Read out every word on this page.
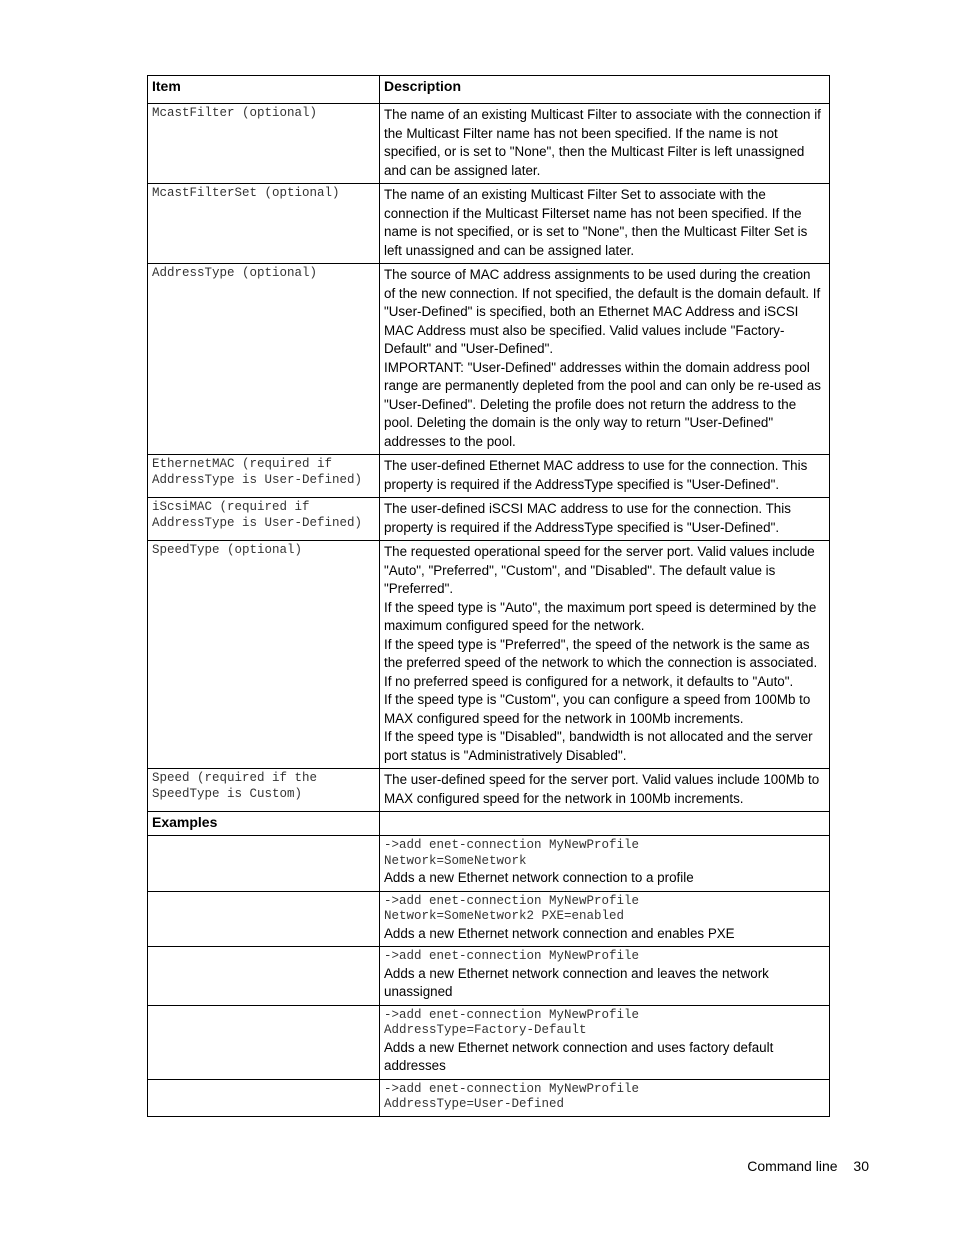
Item	Description
McastFilter (optional)	The name of an existing Multicast Filter to associate with the connection if the Multicast Filter name has not been specified. If the name is not specified, or is set to "None", then the Multicast Filter is left unassigned and can be assigned later.

McastFilterSet (optional)	The name of an existing Multicast Filter Set to associate with the connection if the Multicast Filterset name has not been specified. If the name is not specified, or is set to "None", then the Multicast Filter Set is left unassigned and can be assigned later.

AddressType (optional)	The source of MAC address assignments to be used during the creation of the new connection. If not specified, the default is the domain default. If "User-Defined" is specified, both an Ethernet MAC Address and iSCSI MAC Address must also be specified. Valid values include "Factory-Default" and "User-Defined".
IMPORTANT: "User-Defined" addresses within the domain address pool range are permanently depleted from the pool and can only be re-used as "User-Defined". Deleting the profile does not return the address to the pool. Deleting the domain is the only way to return "User-Defined" addresses to the pool.

EthernetMAC (required if AddressType is User-Defined)	The user-defined Ethernet MAC address to use for the connection. This property is required if the AddressType specified is "User-Defined".

iScsiMAC (required if AddressType is User-Defined)	The user-defined iSCSI MAC address to use for the connection. This property is required if the AddressType specified is "User-Defined".

SpeedType (optional)	The requested operational speed for the server port. Valid values include "Auto", "Preferred", "Custom", and "Disabled". The default value is "Preferred".
If the speed type is "Auto", the maximum port speed is determined by the maximum configured speed for the network.
If the speed type is "Preferred", the speed of the network is the same as the preferred speed of the network to which the connection is associated. If no preferred speed is configured for a network, it defaults to "Auto".
If the speed type is "Custom", you can configure a speed from 100Mb to MAX configured speed for the network in 100Mb increments.
If the speed type is "Disabled", bandwidth is not allocated and the server port status is "Administratively Disabled".

Speed (required if the SpeedType is Custom)	The user-defined speed for the server port. Valid values include 100Mb to MAX configured speed for the network in 100Mb increments.

Examples	

	->add enet-connection MyNewProfile
Network=SomeNetwork
Adds a new Ethernet network connection to a profile

	->add enet-connection MyNewProfile
Network=SomeNetwork2 PXE=enabled
Adds a new Ethernet network connection and enables PXE

	->add enet-connection MyNewProfile
Adds a new Ethernet network connection and leaves the network unassigned

	->add enet-connection MyNewProfile
AddressType=Factory-Default
Adds a new Ethernet network connection and uses factory default addresses

	->add enet-connection MyNewProfile
AddressType=User-Defined
Command line 30
